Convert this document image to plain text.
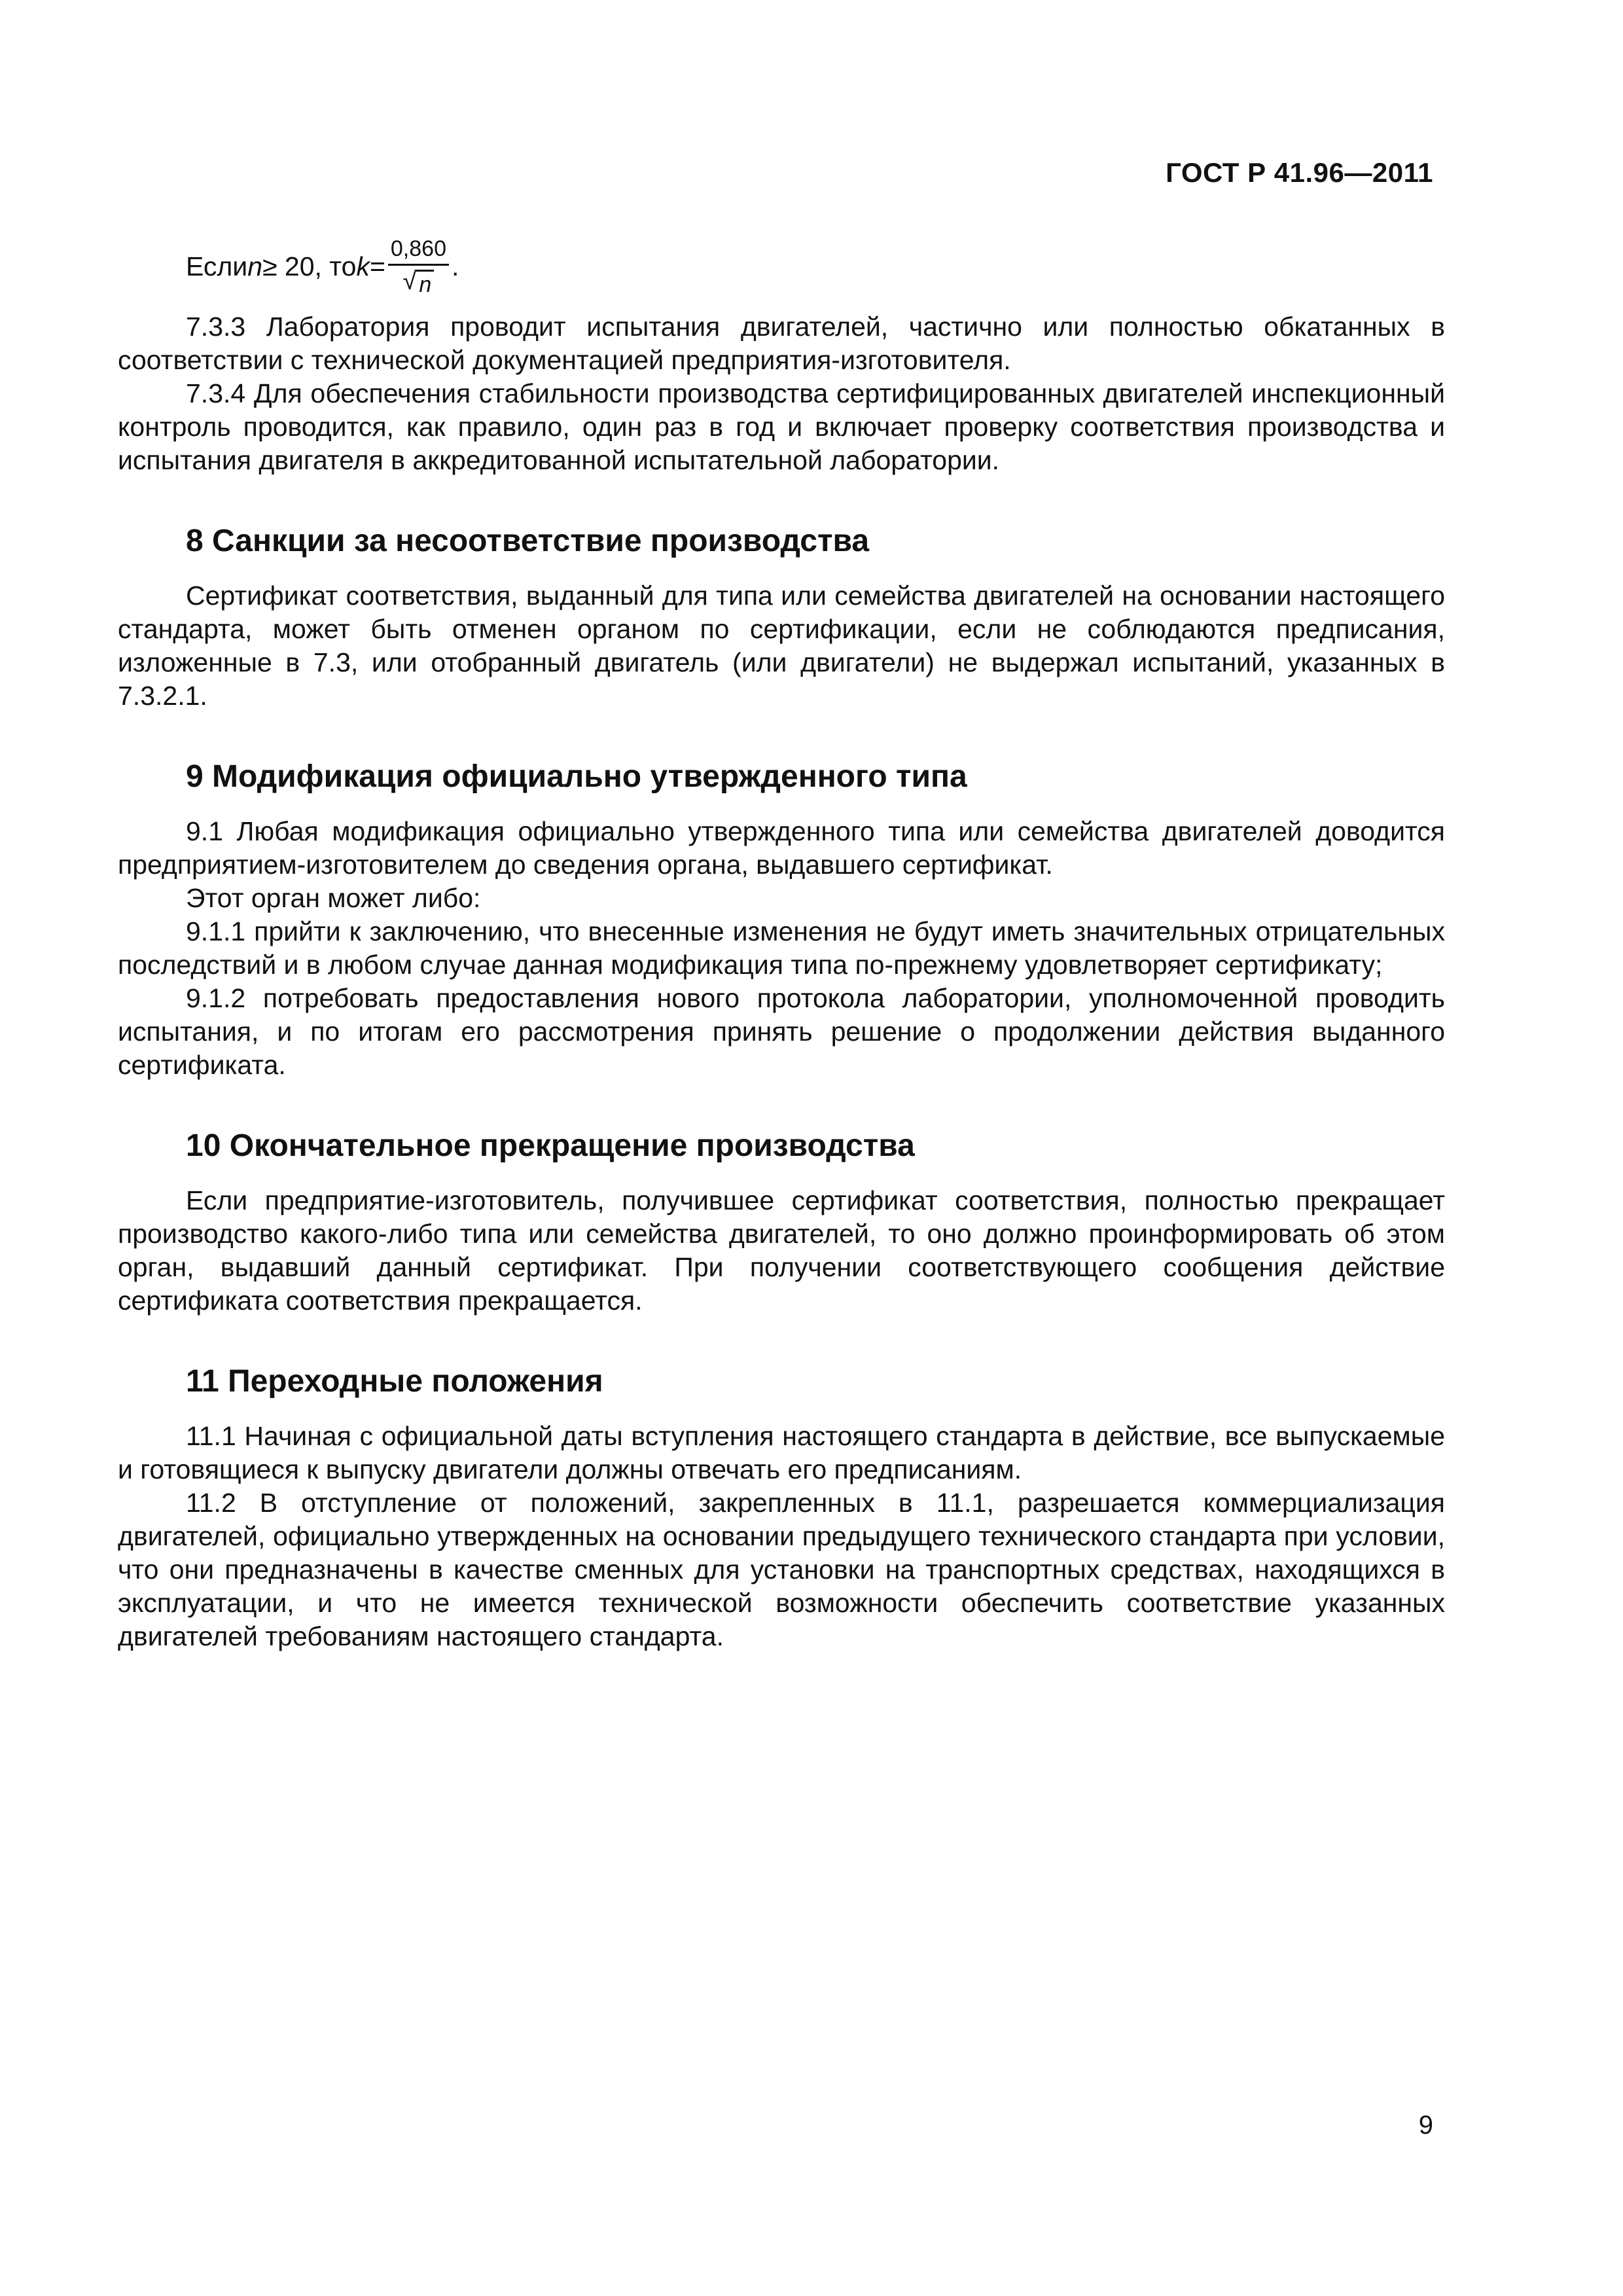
ГОСТ Р 41.96—2011
Если n ≥ 20, то $k = \frac{0,860}{√ n}$ .

7.3.3 Лаборатория проводит испытания двигателей, частично или полностью обкатанных в соответствии с технической документацией предприятия-изготовителя.

7.3.4 Для обеспечения стабильности производства сертифицированных двигателей инспекционный контроль проводится, как правило, один раз в год и включает проверку соответствия производства и испытания двигателя в аккредитованной испытательной лаборатории.

8 Санкции за несоответствие производства

Сертификат соответствия, выданный для типа или семейства двигателей на основании настоящего стандарта, может быть отменен органом по сертификации, если не соблюдаются предписания, изложенные в 7.3, или отобранный двигатель (или двигатели) не выдержал испытаний, указанных в 7.3.2.1.

9 Модификация официально утвержденного типа

9.1 Любая модификация официально утвержденного типа или семейства двигателей доводится предприятием-изготовителем до сведения органа, выдавшего сертификат.

Этот орган может либо:

9.1.1 прийти к заключению, что внесенные изменения не будут иметь значительных отрицательных последствий и в любом случае данная модификация типа по-прежнему удовлетворяет сертификату;

9.1.2 потребовать предоставления нового протокола лаборатории, уполномоченной проводить испытания, и по итогам его рассмотрения принять решение о продолжении действия выданного сертификата.

10 Окончательное прекращение производства

Если предприятие-изготовитель, получившее сертификат соответствия, полностью прекращает производство какого-либо типа или семейства двигателей, то оно должно проинформировать об этом орган, выдавший данный сертификат. При получении соответствующего сообщения действие сертификата соответствия прекращается.

11 Переходные положения

11.1 Начиная с официальной даты вступления настоящего стандарта в действие, все выпускаемые и готовящиеся к выпуску двигатели должны отвечать его предписаниям.

11.2 В отступление от положений, закрепленных в 11.1, разрешается коммерциализация двигателей, официально утвержденных на основании предыдущего технического стандарта при условии, что они предназначены в качестве сменных для установки на транспортных средствах, находящихся в эксплуатации, и что не имеется технической возможности обеспечить соответствие указанных двигателей требованиям настоящего стандарта.

9
